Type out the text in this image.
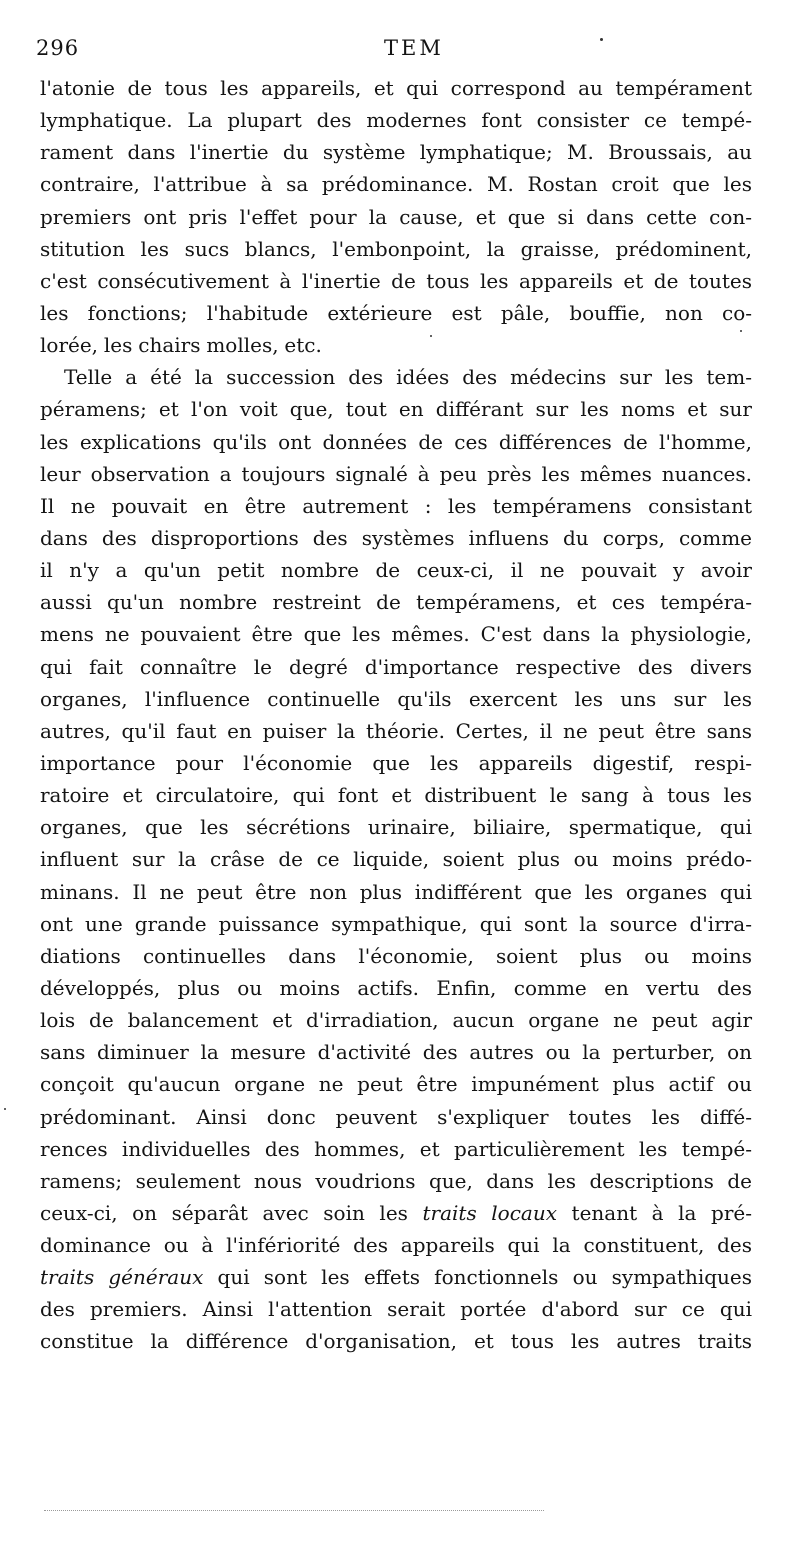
296	TEM
l'atonie de tous les appareils, et qui correspond au tempérament
lymphatique. La plupart des modernes font consister ce tempé-
rament dans l'inertie du système lymphatique; M. Broussais, au
contraire, l'attribue à sa prédominance. M. Rostan croit que les
premiers ont pris l'effet pour la cause, et que si dans cette con-
stitution les sucs blancs, l'embonpoint, la graisse, prédominent,
c'est consécutivement à l'inertie de tous les appareils et de toutes
les fonctions; l'habitude extérieure est pâle, bouffie, non co-
lorée, les chairs molles, etc.
Telle a été la succession des idées des médecins sur les tem-
péramens; et l'on voit que, tout en différant sur les noms et sur
les explications qu'ils ont données de ces différences de l'homme,
leur observation a toujours signalé à peu près les mêmes nuances.
Il ne pouvait en être autrement : les tempéramens consistant
dans des disproportions des systèmes influens du corps, comme
il n'y a qu'un petit nombre de ceux-ci, il ne pouvait y avoir
aussi qu'un nombre restreint de tempéramens, et ces tempéra-
mens ne pouvaient être que les mêmes. C'est dans la physiologie,
qui fait connaître le degré d'importance respective des divers
organes, l'influence continuelle qu'ils exercent les uns sur les
autres, qu'il faut en puiser la théorie. Certes, il ne peut être sans
importance pour l'économie que les appareils digestif, respi-
ratoire et circulatoire, qui font et distribuent le sang à tous les
organes, que les sécrétions urinaire, biliaire, spermatique, qui
influent sur la crâse de ce liquide, soient plus ou moins prédo-
minans. Il ne peut être non plus indifférent que les organes qui
ont une grande puissance sympathique, qui sont la source d'irra-
diations continuelles dans l'économie, soient plus ou moins
développés, plus ou moins actifs. Enfin, comme en vertu des
lois de balancement et d'irradiation, aucun organe ne peut agir
sans diminuer la mesure d'activité des autres ou la perturber, on
conçoit qu'aucun organe ne peut être impunément plus actif ou
prédominant. Ainsi donc peuvent s'expliquer toutes les diffé-
rences individuelles des hommes, et particulièrement les tempé-
ramens; seulement nous voudrions que, dans les descriptions de
ceux-ci, on séparât avec soin les traits locaux tenant à la pré-
dominance ou à l'infériorité des appareils qui la constituent, des
traits généraux qui sont les effets fonctionnels ou sympathiques
des premiers. Ainsi l'attention serait portée d'abord sur ce qui
constitue la différence d'organisation, et tous les autres traits
